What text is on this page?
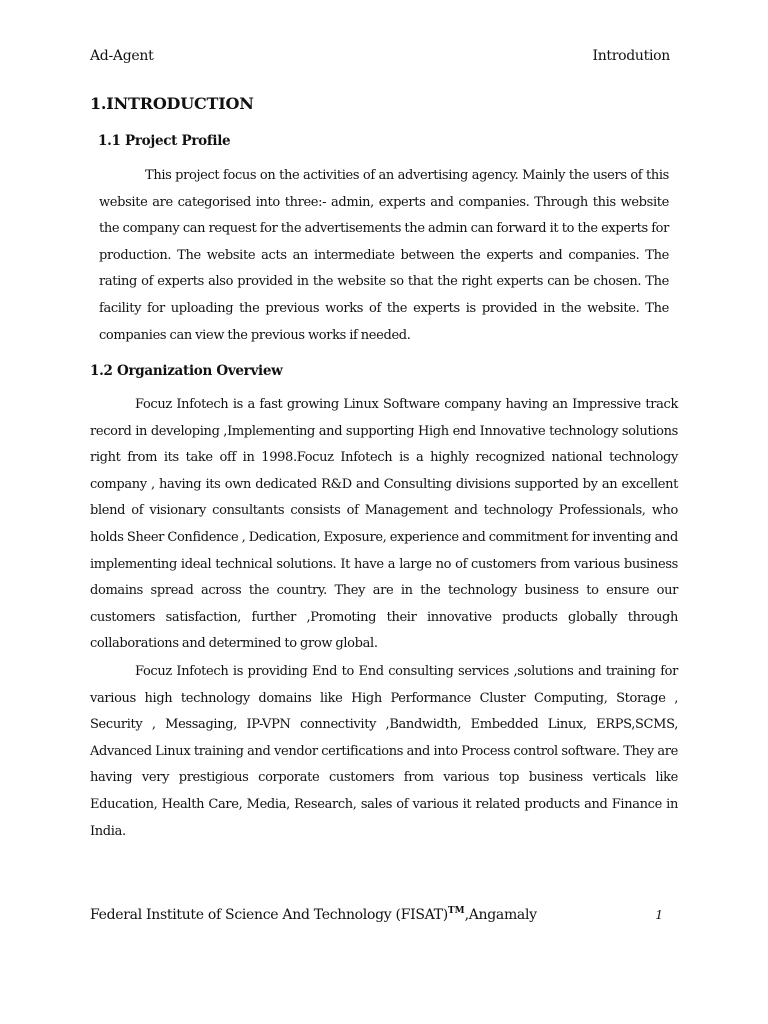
Ad-Agent	Introdution
1.INTRODUCTION
1.1 Project Profile

This project focus on the activities of an advertising agency. Mainly the users of this website are categorised into three:- admin, experts and companies. Through this website the company can request for the advertisements the admin can forward it to the experts for production. The website acts an intermediate between the experts and companies. The rating of experts also provided in the website so that the right experts can be chosen. The facility for uploading the previous works of the experts is provided in the website. The companies can view the previous works if needed.

1.2 Organization Overview

Focuz Infotech is a fast growing Linux Software company having an Impressive track record in developing ,Implementing and supporting High end Innovative technology solutions right from its take off in 1998.Focuz Infotech is a highly recognized national technology company , having its own dedicated R&D and Consulting divisions supported by an excellent blend of visionary consultants consists of Management and technology Professionals, who holds Sheer Confidence , Dedication, Exposure, experience and commitment for inventing and implementing ideal technical solutions. It have a large no of customers from various business domains spread across the country. They are in the technology business to ensure our customers satisfaction, further ,Promoting their innovative products globally through collaborations and determined to grow global.

Focuz Infotech is providing End to End consulting services ,solutions and training for various high technology domains like High Performance Cluster Computing, Storage , Security , Messaging, IP-VPN connectivity ,Bandwidth, Embedded Linux, ERPS,SCMS, Advanced Linux training and vendor certifications and into Process control software. They are having very prestigious corporate customers from various top business verticals like Education, Health Care, Media, Research, sales of various it related products and Finance in India.

Federal Institute of Science And Technology (FISAT)™,Angamaly	1
